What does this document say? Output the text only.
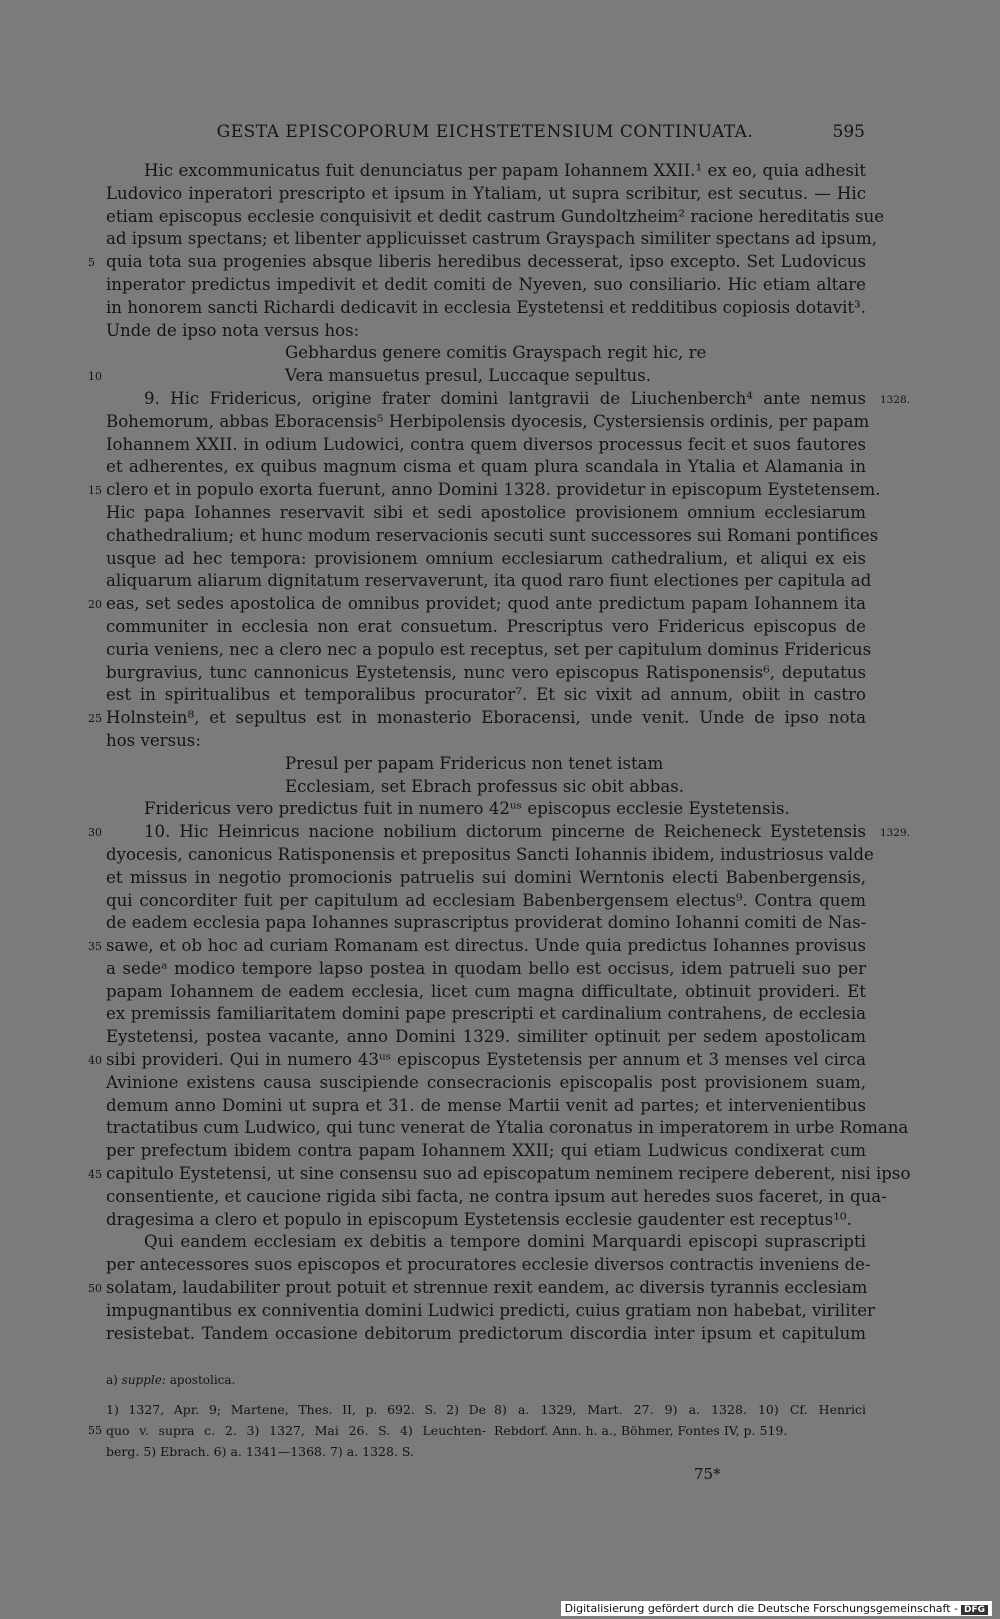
GESTA EPISCOPORUM EICHSTETENSIUM CONTINUATA.	595
Hic excommunicatus fuit denunciatus per papam Iohannem XXII.¹ ex eo, quia adhesit
Ludovico inperatori prescripto et ipsum in Ytaliam, ut supra scribitur, est secutus. — Hic
etiam episcopus ecclesie conquisivit et dedit castrum Gundoltzheim² racione hereditatis sue
ad ipsum spectans; et libenter applicuisset castrum Grayspach similiter spectans ad ipsum,
5 quia tota sua progenies absque liberis heredibus decesserat, ipso excepto. Set Ludovicus
inperator predictus impedivit et dedit comiti de Nyeven, suo consiliario. Hic etiam altare
in honorem sancti Richardi dedicavit in ecclesia Eystetensi et redditibus copiosis dotavit³.
Unde de ipso nota versus hos:
Gebhardus genere comitis Grayspach regit hic, re
10	Vera mansuetus presul, Luccaque sepultus.
9. Hic Fridericus, origine frater domini lantgravii de Liuchenberch⁴ ante nemus 1328.
Bohemorum, abbas Eboracensis⁵ Herbipolensis dyocesis, Cystersiensis ordinis, per papam
Iohannem XXII. in odium Ludowici, contra quem diversos processus fecit et suos fautores
et adherentes, ex quibus magnum cisma et quam plura scandala in Ytalia et Alamania in
15 clero et in populo exorta fuerunt, anno Domini 1328. providetur in episcopum Eystetensem.
Hic papa Iohannes reservavit sibi et sedi apostolice provisionem omnium ecclesiarum
chathedralium; et hunc modum reservacionis secuti sunt successores sui Romani pontifices
usque ad hec tempora: provisionem omnium ecclesiarum cathedralium, et aliqui ex eis
aliquarum aliarum dignitatum reservaverunt, ita quod raro fiunt electiones per capitula ad
20 eas, set sedes apostolica de omnibus providet; quod ante predictum papam Iohannem ita
communiter in ecclesia non erat consuetum. Prescriptus vero Fridericus episcopus de
curia veniens, nec a clero nec a populo est receptus, set per capitulum dominus Fridericus
burgravius, tunc cannonicus Eystetensis, nunc vero episcopus Ratisponensis⁶, deputatus
est in spiritualibus et temporalibus procurator⁷. Et sic vixit ad annum, obiit in castro
25 Holnstein⁸, et sepultus est in monasterio Eboracensi, unde venit. Unde de ipso nota
hos versus:
Presul per papam Fridericus non tenet istam
Ecclesiam, set Ebrach professus sic obit abbas.
Fridericus vero predictus fuit in numero 42ᵘˢ episcopus ecclesie Eystetensis.
30	10. Hic Heinricus nacione nobilium dictorum pincerne de Reicheneck Eystetensis 1329.
dyocesis, canonicus Ratisponensis et prepositus Sancti Iohannis ibidem, industriosus valde
et missus in negotio promocionis patruelis sui domini Werntonis electi Babenbergensis,
qui concorditer fuit per capitulum ad ecclesiam Babenbergensem electus⁹. Contra quem
de eadem ecclesia papa Iohannes suprascriptus providerat domino Iohanni comiti de Nas-
35 sawe, et ob hoc ad curiam Romanam est directus. Unde quia predictus Iohannes provisus
a sedeᵃ modico tempore lapso postea in quodam bello est occisus, idem patrueli suo per
papam Iohannem de eadem ecclesia, licet cum magna difficultate, obtinuit provideri. Et
ex premissis familiaritatem domini pape prescripti et cardinalium contrahens, de ecclesia
Eystetensi, postea vacante, anno Domini 1329. similiter optinuit per sedem apostolicam
40 sibi provideri. Qui in numero 43ᵘˢ episcopus Eystetensis per annum et 3 menses vel circa
Avinione existens causa suscipiende consecracionis episcopalis post provisionem suam,
demum anno Domini ut supra et 31. de mense Martii venit ad partes; et intervenientibus
tractatibus cum Ludwico, qui tunc venerat de Ytalia coronatus in imperatorem in urbe Romana
per prefectum ibidem contra papam Iohannem XXII; qui etiam Ludwicus condixerat cum
45 capitulo Eystetensi, ut sine consensu suo ad episcopatum neminem recipere deberent, nisi ipso
consentiente, et caucione rigida sibi facta, ne contra ipsum aut heredes suos faceret, in qua-
dragesima a clero et populo in episcopum Eystetensis ecclesie gaudenter est receptus¹⁰.
Qui eandem ecclesiam ex debitis a tempore domini Marquardi episcopi suprascripti
per antecessores suos episcopos et procuratores ecclesie diversos contractis inveniens de-
50 solatam, laudabiliter prout potuit et strennue rexit eandem, ac diversis tyrannis ecclesiam
impugnantibus ex conniventia domini Ludwici predicti, cuius gratiam non habebat, viriliter
resistebat. Tandem occasione debitorum predictorum discordia inter ipsum et capitulum
a) supple: apostolica.
1) 1327, Apr. 9; Martene, Thes. II, p. 692. S. 2) De
55 quo v. supra c. 2. 3) 1327, Mai 26. S. 4) Leuchten-
berg. 5) Ebrach. 6) a. 1341—1368. 7) a. 1328. S.
8) a. 1329, Mart. 27. 9) a. 1328. 10) Cf. Henrici
Rebdorf. Ann. h. a., Böhmer, Fontes IV, p. 519.
75*
Digitalisierung gefördert durch die Deutsche Forschungsgemeinschaft - DFG
